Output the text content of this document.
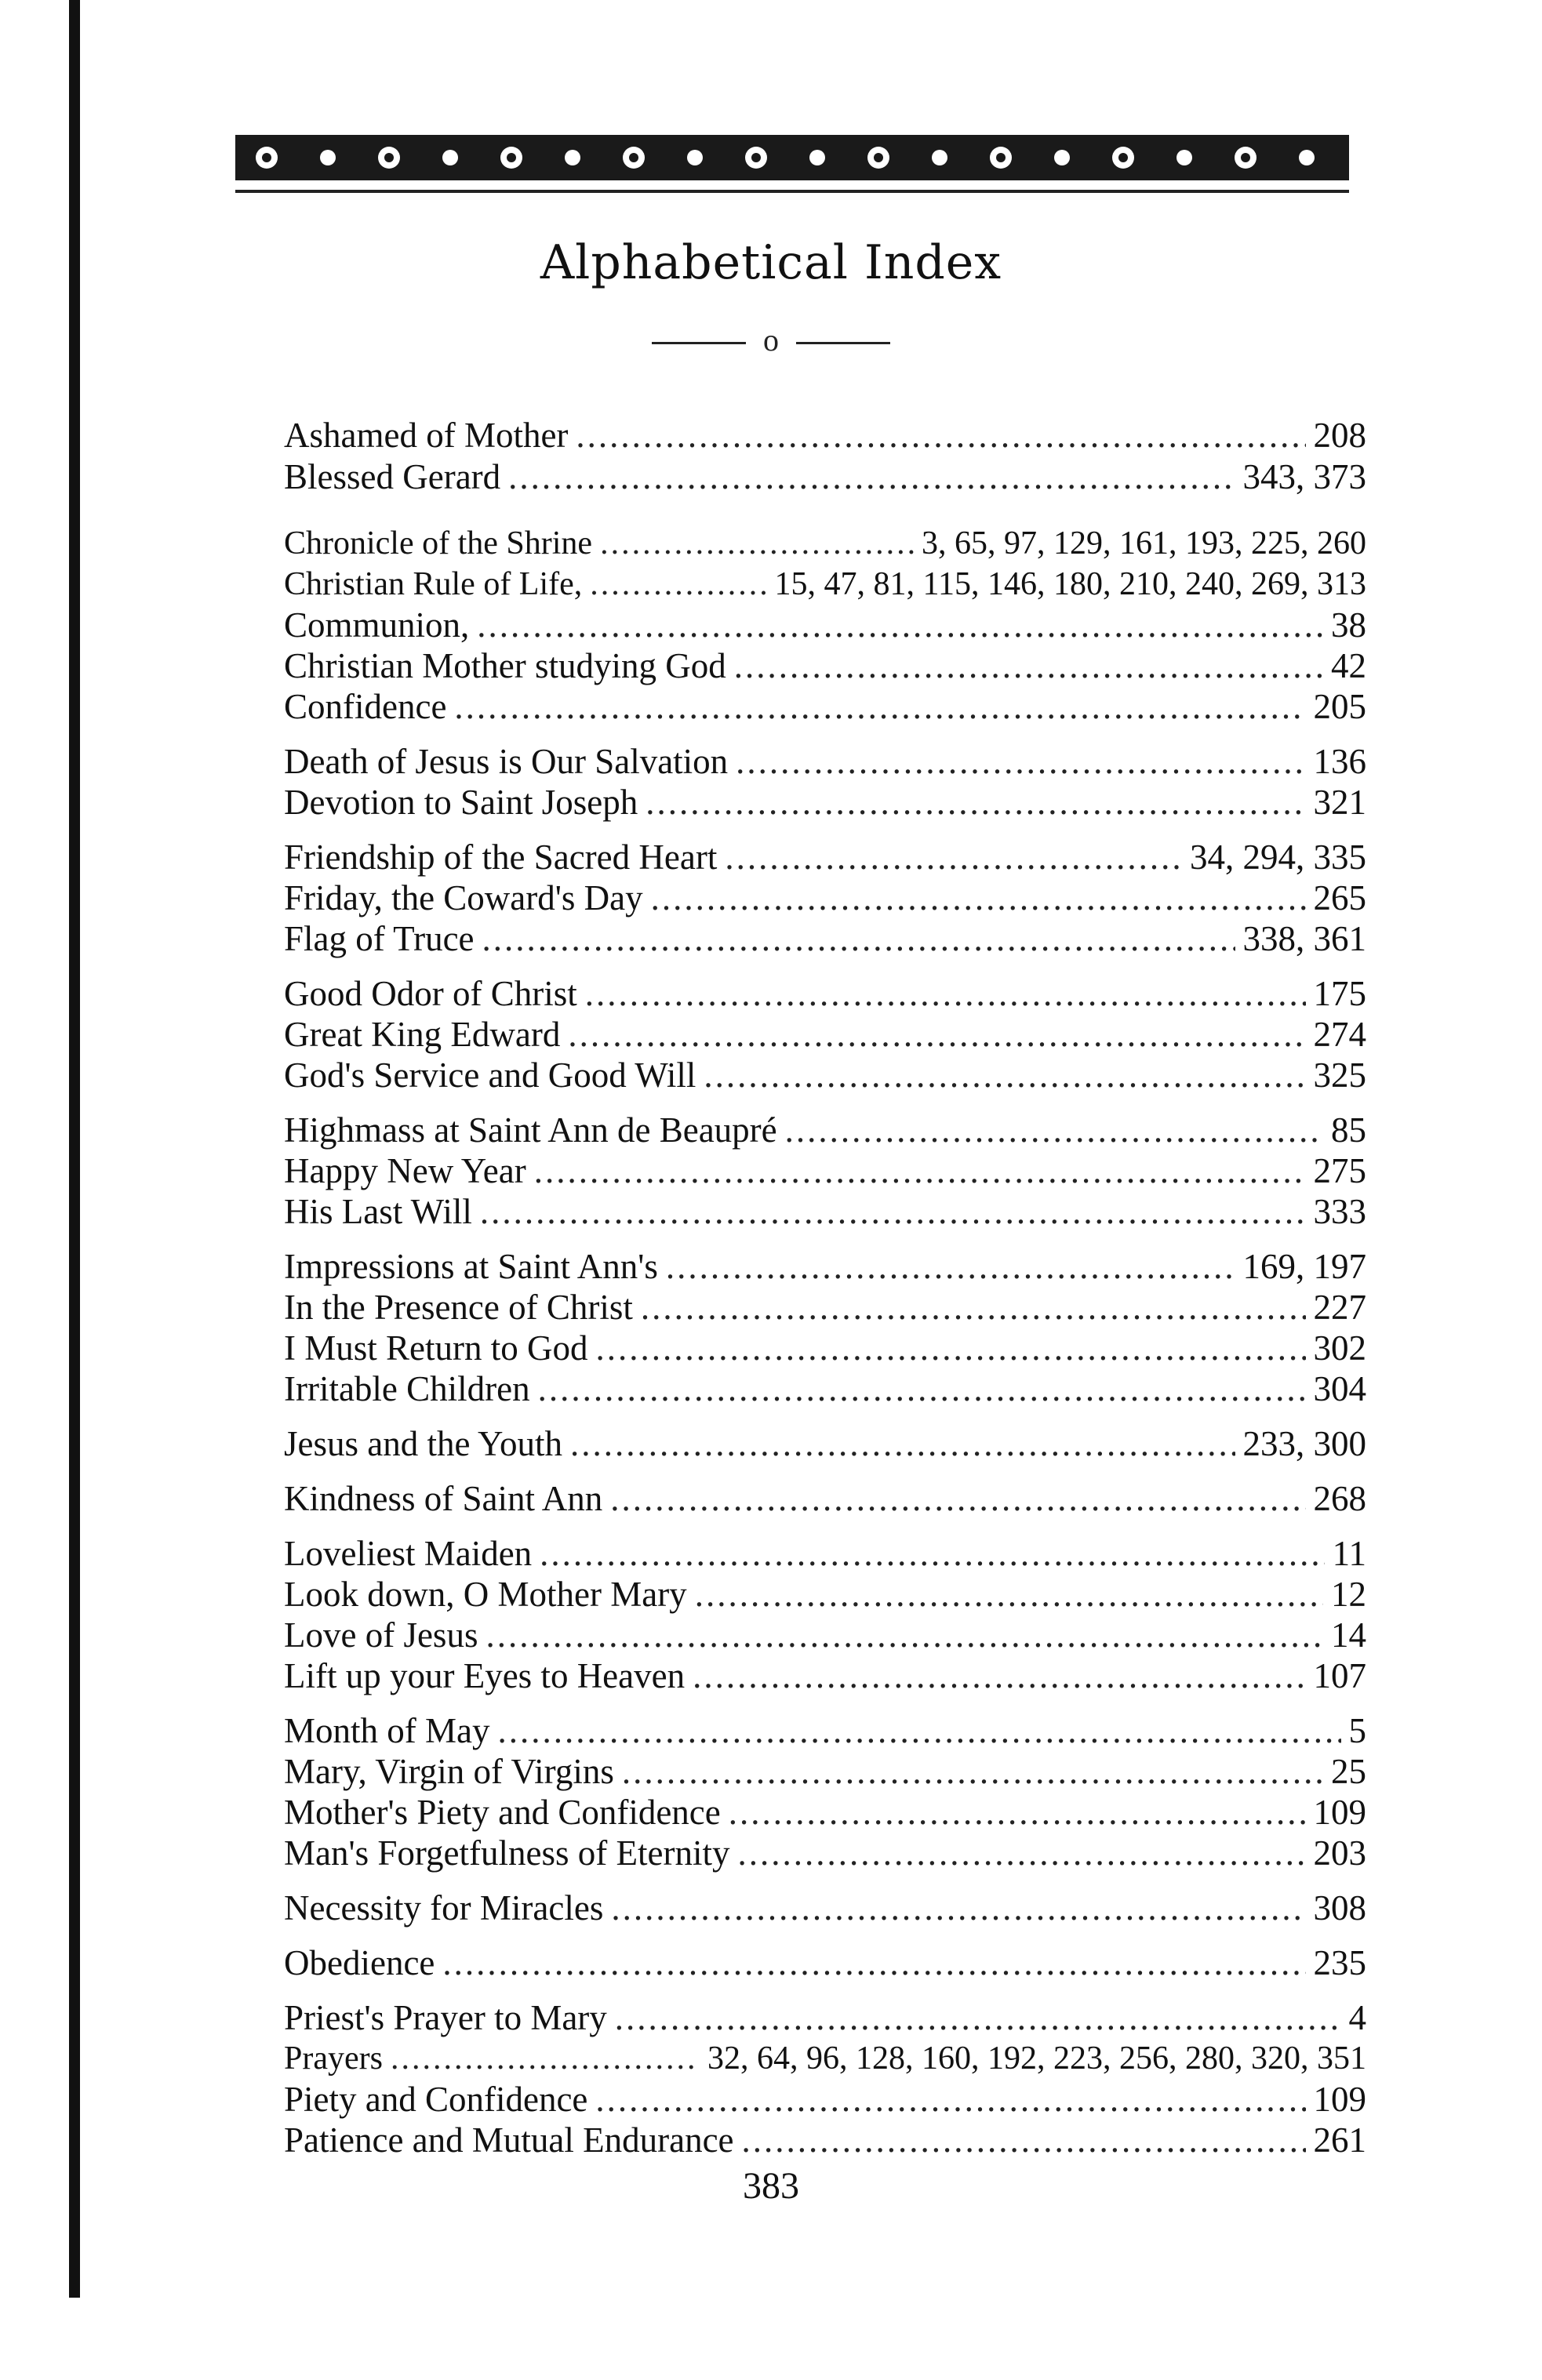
Alphabetical Index
o
Ashamed of Mother .....	208
Blessed Gerard .....	343, 373
Chronicle of the Shrine .....	3, 65, 97, 129, 161, 193, 225, 260
Christian Rule of Life, .....	15, 47, 81, 115, 146, 180, 210, 240, 269, 313
Communion, .....	38
Christian Mother studying God .....	42
Confidence .....	205
Death of Jesus is Our Salvation .....	136
Devotion to Saint Joseph .....	321
Friendship of the Sacred Heart .....	34, 294, 335
Friday, the Coward's Day .....	265
Flag of Truce .....	338, 361
Good Odor of Christ .....	175
Great King Edward .....	274
God's Service and Good Will .....	325
Highmass at Saint Ann de Beaupré .....	85
Happy New Year .....	275
His Last Will .....	333
Impressions at Saint Ann's .....	169, 197
In the Presence of Christ .....	227
I Must Return to God .....	302
Irritable Children .....	304
Jesus and the Youth .....	233, 300
Kindness of Saint Ann .....	268
Loveliest Maiden .....	11
Look down, O Mother Mary .....	12
Love of Jesus .....	14
Lift up your Eyes to Heaven .....	107
Month of May .....	5
Mary, Virgin of Virgins .....	25
Mother's Piety and Confidence .....	109
Man's Forgetfulness of Eternity .....	203
Necessity for Miracles .....	308
Obedience .....	235
Priest's Prayer to Mary .....	4
Prayers .....	32, 64, 96, 128, 160, 192, 223, 256, 280, 320, 351
Piety and Confidence .....	109
Patience and Mutual Endurance .....	261
383
